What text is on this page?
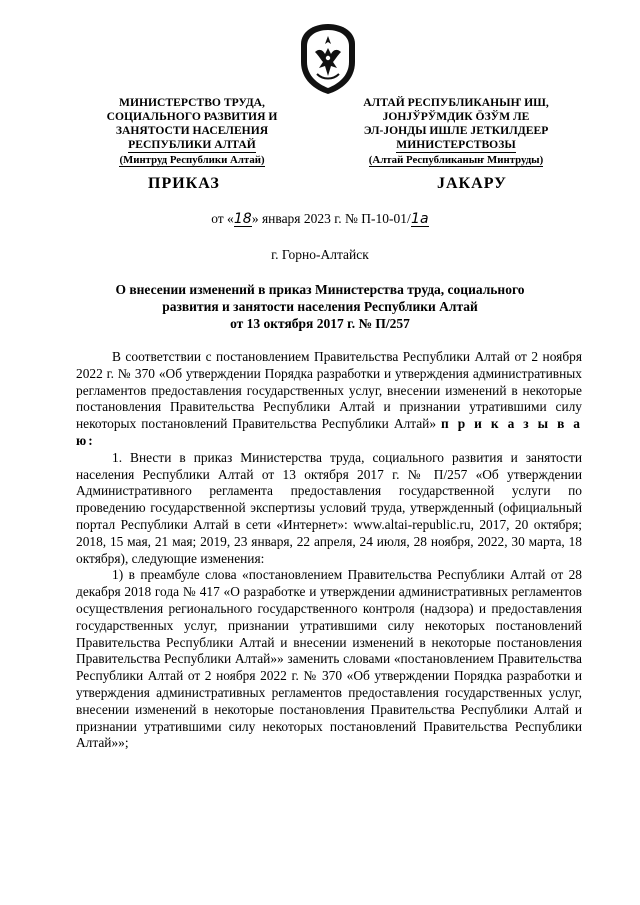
МИНИСТЕРСТВО ТРУДА,
СОЦИАЛЬНОГО РАЗВИТИЯ И
ЗАНЯТОСТИ НАСЕЛЕНИЯ
РЕСПУБЛИКИ АЛТАЙ
(Минтруд Республики Алтай)
АЛТАЙ РЕСПУБЛИКАНЫҤ ИШ,
ЈОНЈЎРЎМДИК ÖЗЎМ ЛЕ
ЭЛ-ЈОНДЫ ИШЛЕ ЈЕТКИЛДЕЕР
МИНИСТЕРСТВОЗЫ
(Алтай Республиканыҥ Минтруды)
ПРИКАЗ	ЈАКАРУ
от «18» января 2023 г. № П-10-01/1а
г. Горно-Алтайск
О внесении изменений в приказ Министерства труда, социального
развития и занятости населения Республики Алтай
от 13 октября 2017 г. № П/257

В соответствии с постановлением Правительства Республики Алтай от 2 ноября 2022 г. № 370 «Об утверждении Порядка разработки и утверждения административных регламентов предоставления государственных услуг, внесении изменений в некоторые постановления Правительства Республики Алтай и признании утратившими силу некоторых постановлений Правительства Республики Алтай» п р и к а з ы в а ю:

1. Внести в приказ Министерства труда, социального развития и занятости населения Республики Алтай от 13 октября 2017 г. № П/257 «Об утверждении Административного регламента предоставления государственной услуги по проведению государственной экспертизы условий труда, утвержденный (официальный портал Республики Алтай в сети «Интернет»: www.altai-republic.ru, 2017, 20 октября; 2018, 15 мая, 21 мая; 2019, 23 января, 22 апреля, 24 июля, 28 ноября, 2022, 30 марта, 18 октября), следующие изменения:

1) в преамбуле слова «постановлением Правительства Республики Алтай от 28 декабря 2018 года № 417 «О разработке и утверждении административных регламентов осуществления регионального государственного контроля (надзора) и предоставления государственных услуг, признании утратившими силу некоторых постановлений Правительства Республики Алтай и внесении изменений в некоторые постановления Правительства Республики Алтай»» заменить словами «постановлением Правительства Республики Алтай от 2 ноября 2022 г. № 370 «Об утверждении Порядка разработки и утверждения административных регламентов предоставления государственных услуг, внесении изменений в некоторые постановления Правительства Республики Алтай и признании утратившими силу некоторых постановлений Правительства Республики Алтай»»;
